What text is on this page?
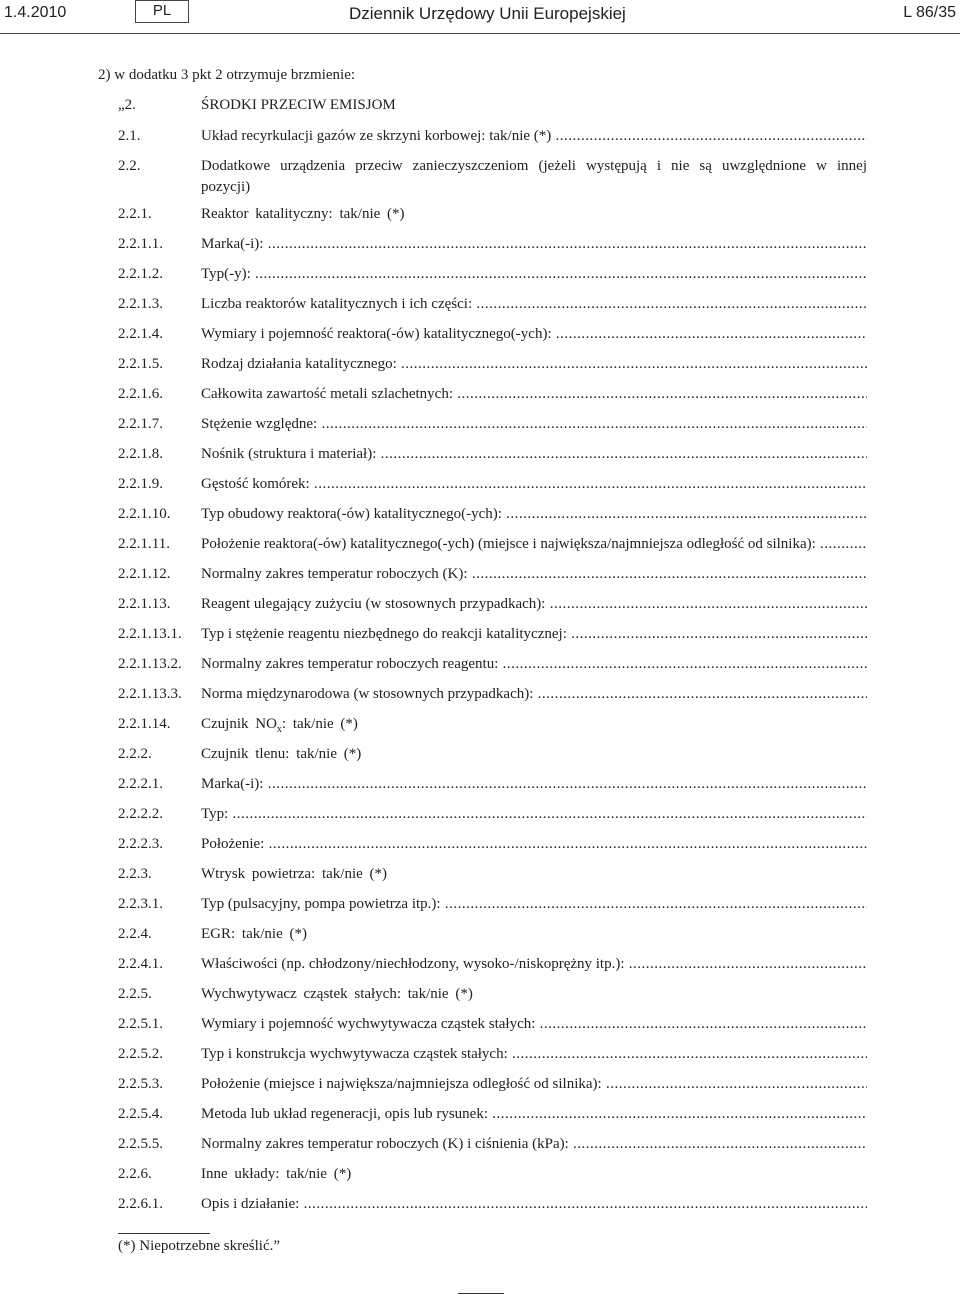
1.4.2010	PL	Dziennik Urzędowy Unii Europejskiej	L 86/35
2) w dodatku 3 pkt 2 otrzymuje brzmienie:
„2.	ŚRODKI PRZECIW EMISJOM
2.1.	Układ recyrkulacji gazów ze skrzyni korbowej: tak/nie (*) .....
2.2.	Dodatkowe urządzenia przeciw zanieczyszczeniom (jeżeli występują i nie są uwzględnione w innej pozycji)
2.2.1.	Reaktor katalityczny: tak/nie (*)
2.2.1.1.	Marka(-i): .....
2.2.1.2.	Typ(-y): .....
2.2.1.3.	Liczba reaktorów katalitycznych i ich części: .....
2.2.1.4.	Wymiary i pojemność reaktora(-ów) katalitycznego(-ych): .....
2.2.1.5.	Rodzaj działania katalitycznego: .....
2.2.1.6.	Całkowita zawartość metali szlachetnych: .....
2.2.1.7.	Stężenie względne: .....
2.2.1.8.	Nośnik (struktura i materiał): .....
2.2.1.9.	Gęstość komórek: .....
2.2.1.10. Typ obudowy reaktora(-ów) katalitycznego(-ych): .....
2.2.1.11. Położenie reaktora(-ów) katalitycznego(-ych) (miejsce i największa/najmniejsza odległość od silnika): .....
2.2.1.12. Normalny zakres temperatur roboczych (K): .....
2.2.1.13. Reagent ulegający zużyciu (w stosownych przypadkach): .....
2.2.1.13.1. Typ i stężenie reagentu niezbędnego do reakcji katalitycznej: .....
2.2.1.13.2. Normalny zakres temperatur roboczych reagentu: .....
2.2.1.13.3. Norma międzynarodowa (w stosownych przypadkach): .....
2.2.1.14. Czujnik $NO_x$: tak/nie (*)
2.2.2.	Czujnik tlenu: tak/nie (*)
2.2.2.1.	Marka(-i): .....
2.2.2.2.	Typ: .....
2.2.2.3.	Położenie: .....
2.2.3.	Wtrysk powietrza: tak/nie (*)
2.2.3.1.	Typ (pulsacyjny, pompa powietrza itp.): .....
2.2.4.	EGR: tak/nie (*)
2.2.4.1.	Właściwości (np. chłodzony/niechłodzony, wysoko-/niskoprężny itp.): .....
2.2.5.	Wychwytywacz cząstek stałych: tak/nie (*)
2.2.5.1.	Wymiary i pojemność wychwytywacza cząstek stałych: .....
2.2.5.2.	Typ i konstrukcja wychwytywacza cząstek stałych: .....
2.2.5.3.	Położenie (miejsce i największa/najmniejsza odległość od silnika): .....
2.2.5.4.	Metoda lub układ regeneracji, opis lub rysunek: .....
2.2.5.5.	Normalny zakres temperatur roboczych (K) i ciśnienia (kPa): .....
2.2.6.	Inne układy: tak/nie (*)
2.2.6.1.	Opis i działanie: .....
(*) Niepotrzebne skreślić.”
